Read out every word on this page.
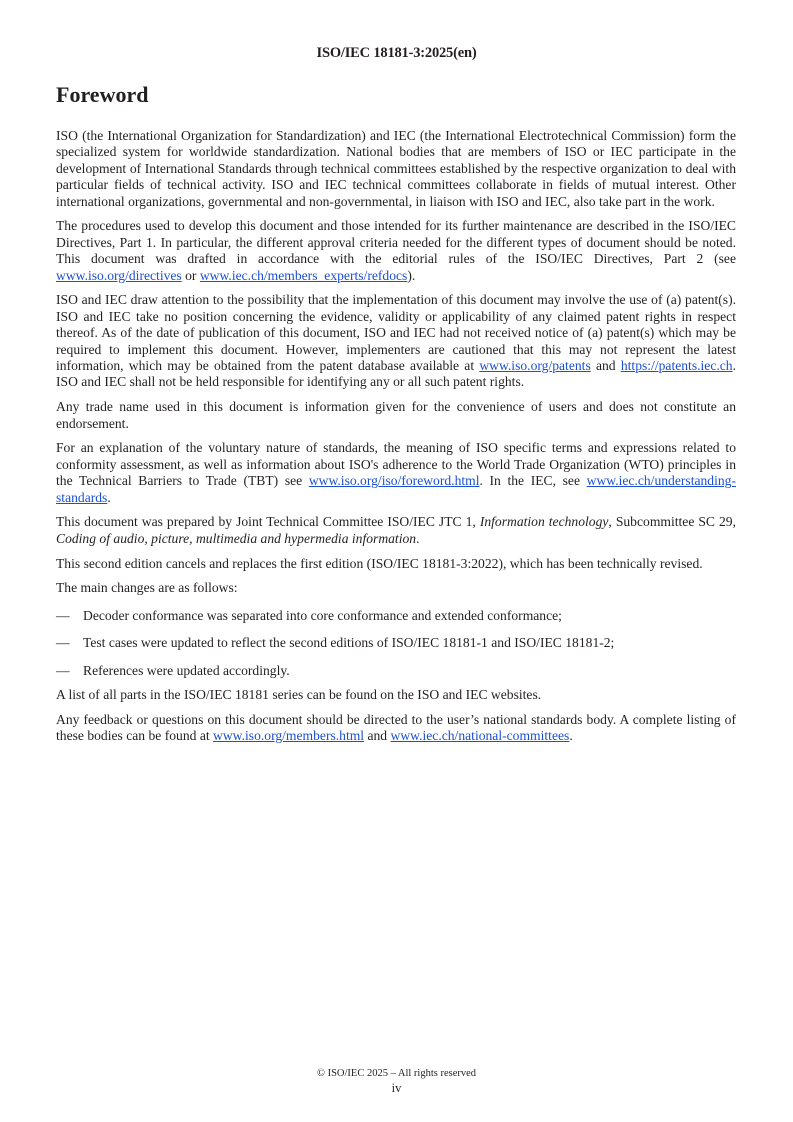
ISO/IEC 18181-3:2025(en)
Foreword

ISO (the International Organization for Standardization) and IEC (the International Electrotechnical Commission) form the specialized system for worldwide standardization. National bodies that are members of ISO or IEC participate in the development of International Standards through technical committees established by the respective organization to deal with particular fields of technical activity. ISO and IEC technical committees collaborate in fields of mutual interest. Other international organizations, governmental and non-governmental, in liaison with ISO and IEC, also take part in the work.

The procedures used to develop this document and those intended for its further maintenance are described in the ISO/IEC Directives, Part 1. In particular, the different approval criteria needed for the different types of document should be noted. This document was drafted in accordance with the editorial rules of the ISO/IEC Directives, Part 2 (see www.iso.org/directives or www.iec.ch/members_experts/refdocs).

ISO and IEC draw attention to the possibility that the implementation of this document may involve the use of (a) patent(s). ISO and IEC take no position concerning the evidence, validity or applicability of any claimed patent rights in respect thereof. As of the date of publication of this document, ISO and IEC had not received notice of (a) patent(s) which may be required to implement this document. However, implementers are cautioned that this may not represent the latest information, which may be obtained from the patent database available at www.iso.org/patents and https://patents.iec.ch. ISO and IEC shall not be held responsible for identifying any or all such patent rights.

Any trade name used in this document is information given for the convenience of users and does not constitute an endorsement.

For an explanation of the voluntary nature of standards, the meaning of ISO specific terms and expressions related to conformity assessment, as well as information about ISO's adherence to the World Trade Organization (WTO) principles in the Technical Barriers to Trade (TBT) see www.iso.org/iso/foreword.html. In the IEC, see www.iec.ch/understanding-standards.

This document was prepared by Joint Technical Committee ISO/IEC JTC 1, Information technology, Subcommittee SC 29, Coding of audio, picture, multimedia and hypermedia information.

This second edition cancels and replaces the first edition (ISO/IEC 18181-3:2022), which has been technically revised.

The main changes are as follows:

— Decoder conformance was separated into core conformance and extended conformance;
— Test cases were updated to reflect the second editions of ISO/IEC 18181-1 and ISO/IEC 18181-2;
— References were updated accordingly.

A list of all parts in the ISO/IEC 18181 series can be found on the ISO and IEC websites.

Any feedback or questions on this document should be directed to the user’s national standards body. A complete listing of these bodies can be found at www.iso.org/members.html and www.iec.ch/national-committees.

© ISO/IEC 2025 – All rights reserved
iv
